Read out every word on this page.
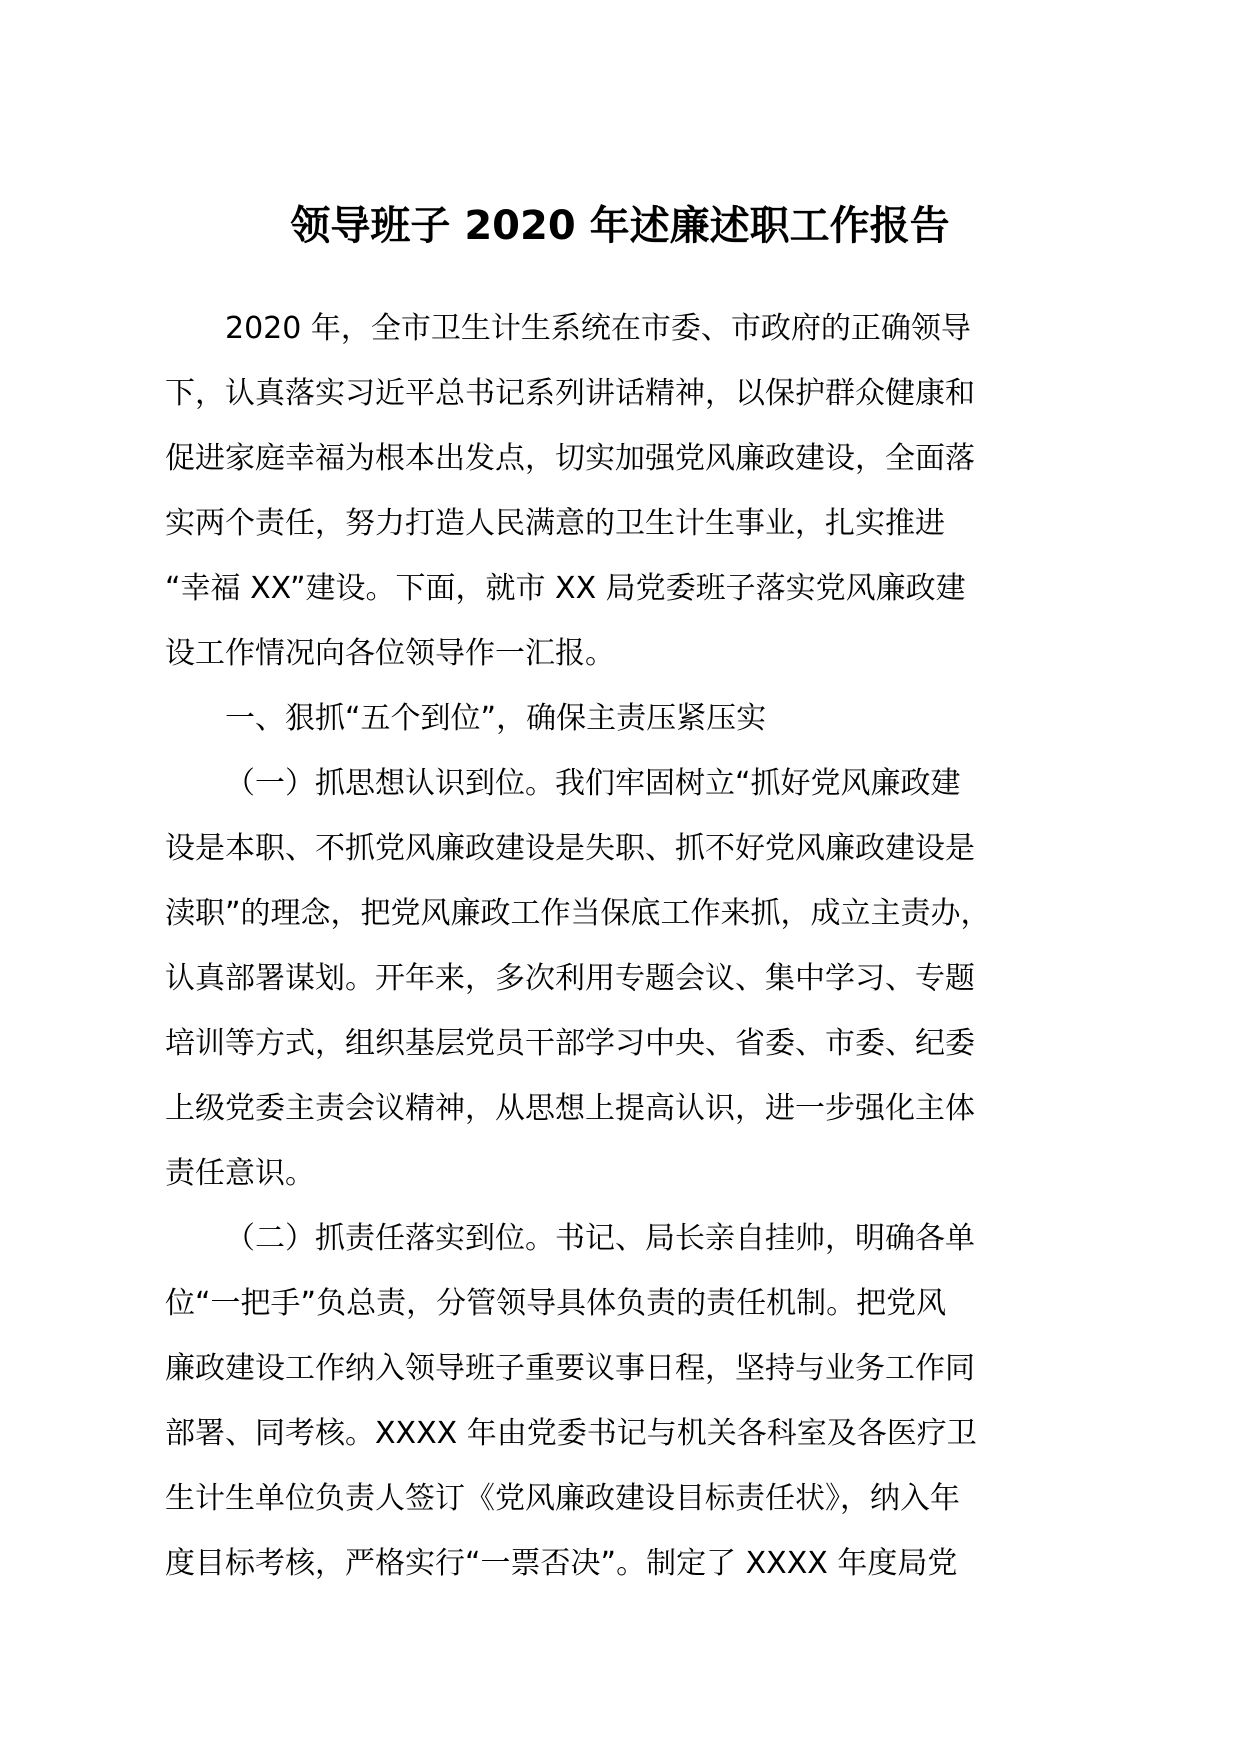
领导班子 2020 年述廉述职工作报告
2020 年，全市卫生计生系统在市委、市政府的正确领导
下，认真落实习近平总书记系列讲话精神，以保护群众健康和
促进家庭幸福为根本出发点，切实加强党风廉政建设，全面落
实两个责任，努力打造人民满意的卫生计生事业，扎实推进
“幸福 XX”建设。下面，就市 XX 局党委班子落实党风廉政建
设工作情况向各位领导作一汇报。
一、狠抓“五个到位”，确保主责压紧压实
（一）抓思想认识到位。我们牢固树立“抓好党风廉政建
设是本职、不抓党风廉政建设是失职、抓不好党风廉政建设是
渎职”的理念，把党风廉政工作当保底工作来抓，成立主责办，
认真部署谋划。开年来，多次利用专题会议、集中学习、专题
培训等方式，组织基层党员干部学习中央、省委、市委、纪委
上级党委主责会议精神，从思想上提高认识，进一步强化主体
责任意识。
（二）抓责任落实到位。书记、局长亲自挂帅，明确各单
位“一把手”负总责，分管领导具体负责的责任机制。把党风
廉政建设工作纳入领导班子重要议事日程，坚持与业务工作同
部署、同考核。XXXX 年由党委书记与机关各科室及各医疗卫
生计生单位负责人签订《党风廉政建设目标责任状》，纳入年
度目标考核，严格实行“一票否决”。制定了 XXXX 年度局党
